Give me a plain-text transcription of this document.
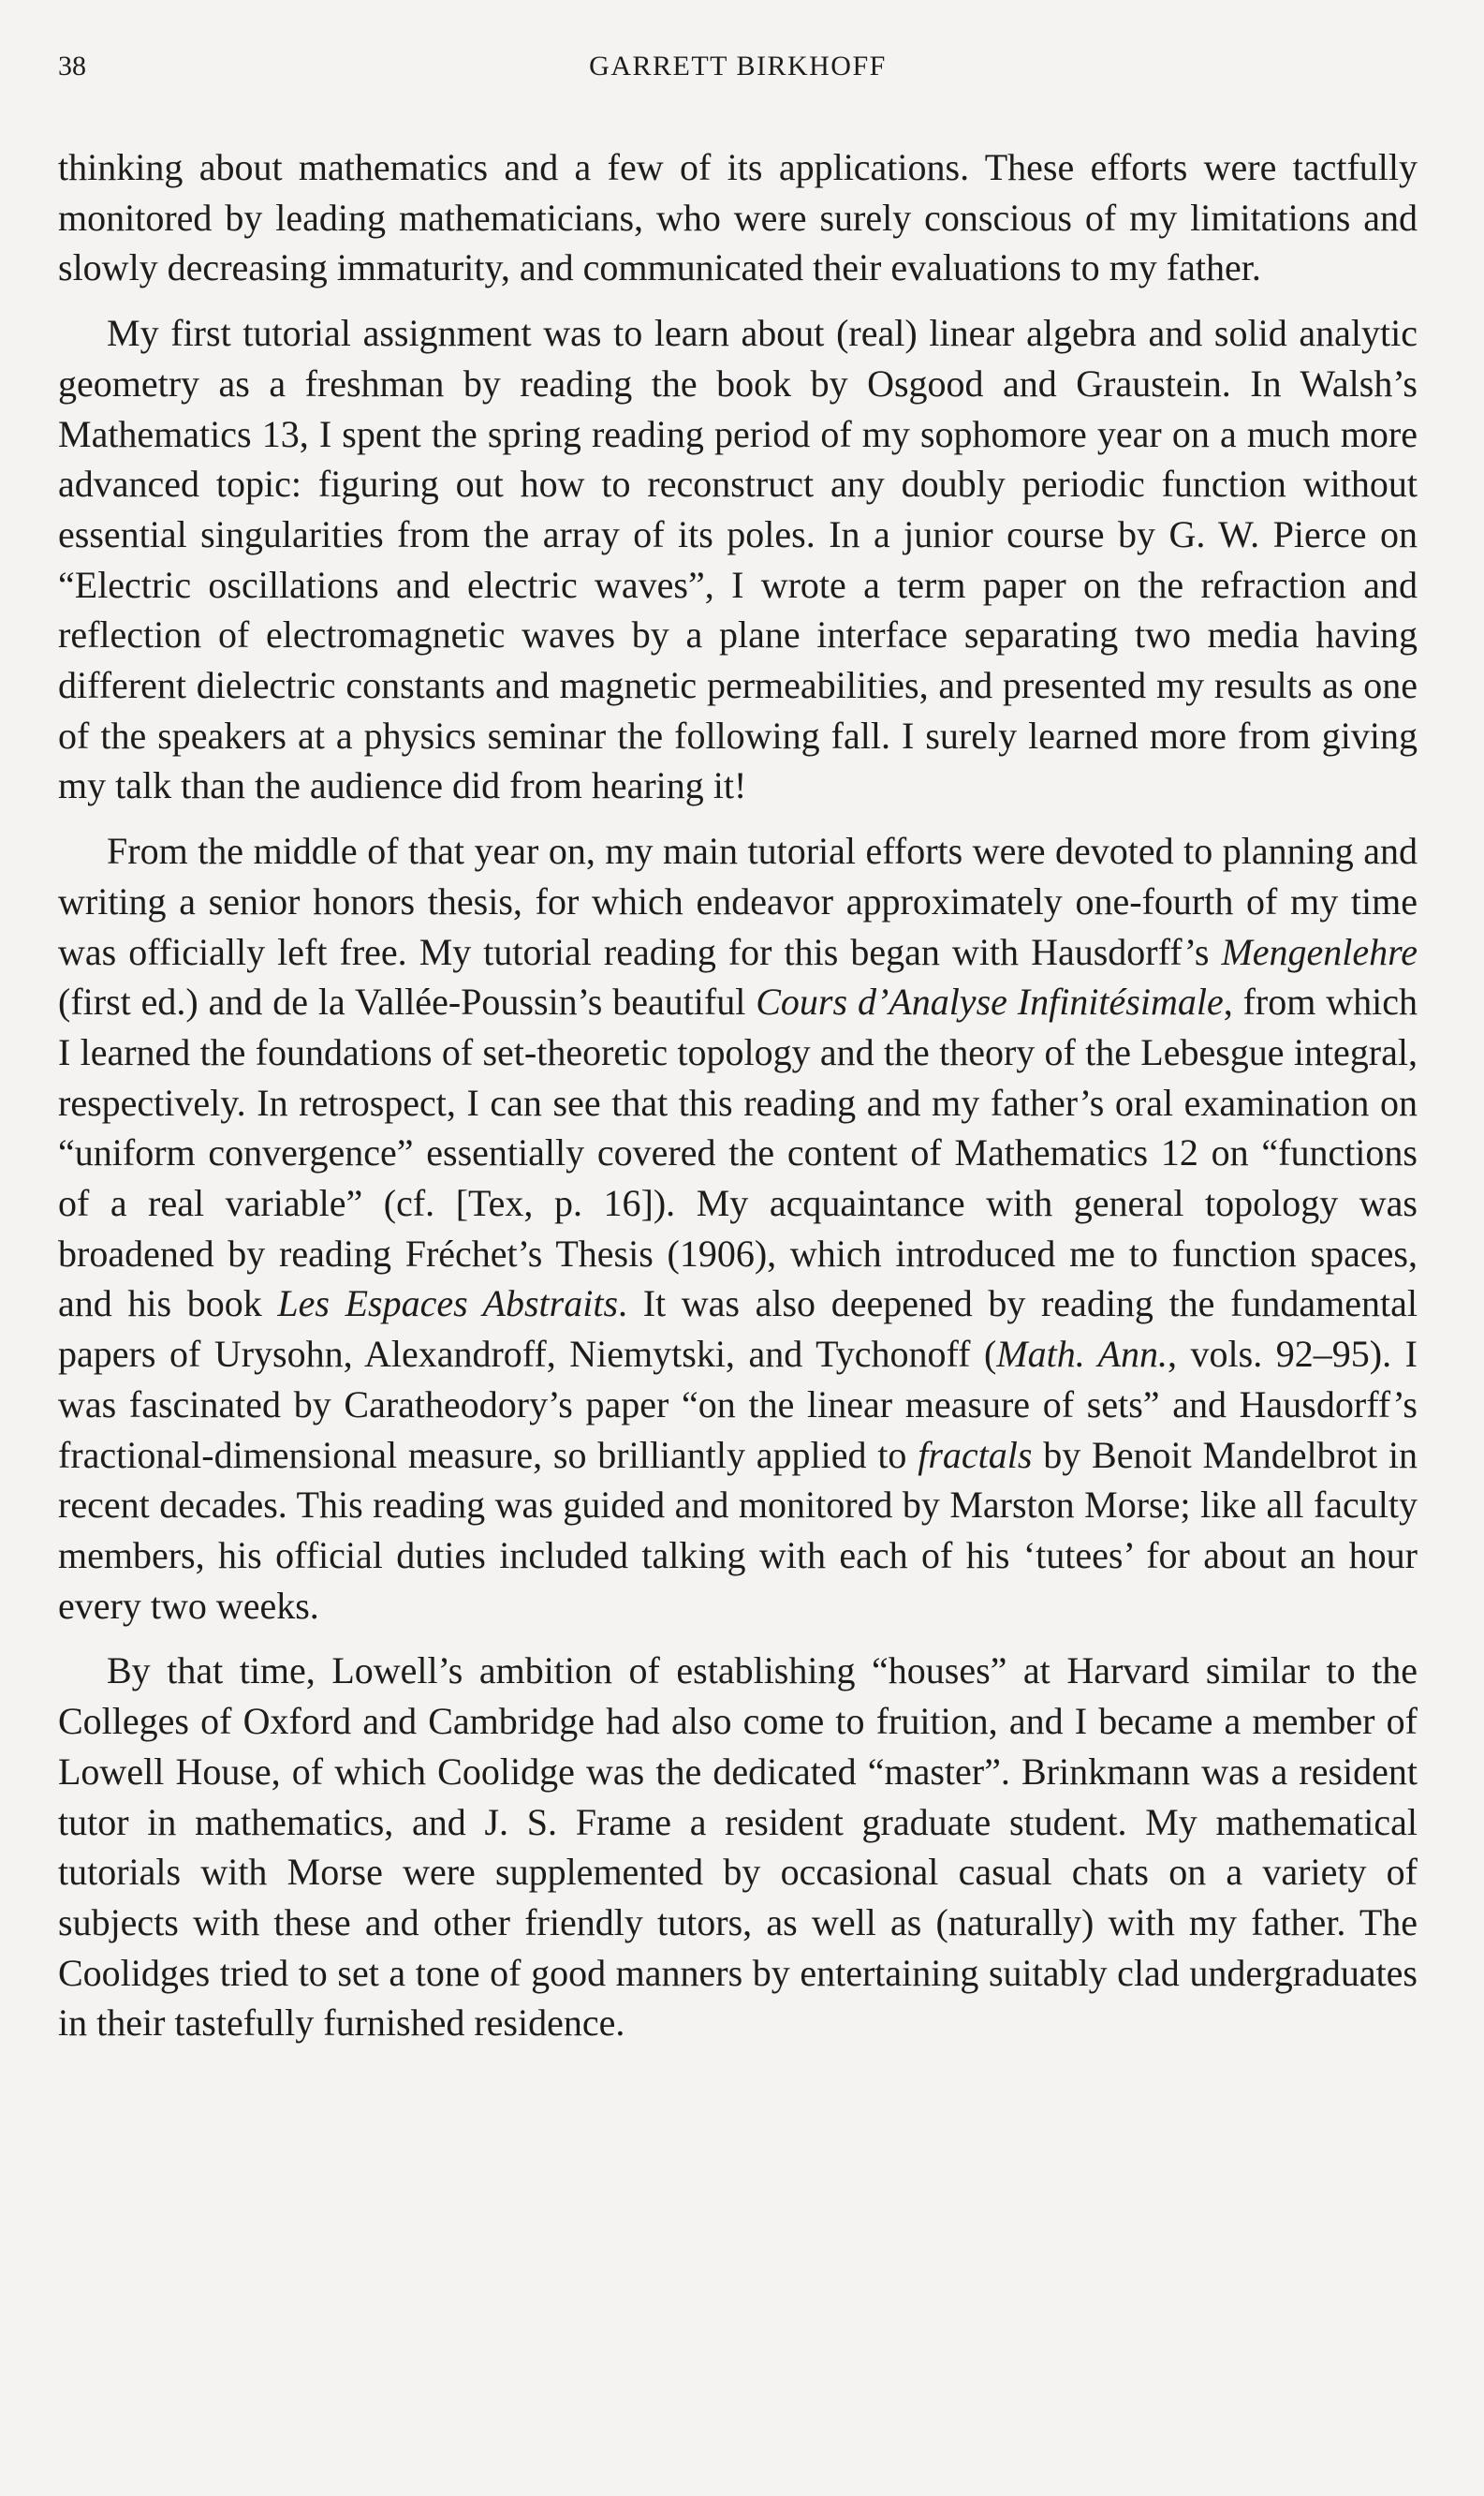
38	GARRETT BIRKHOFF

thinking about mathematics and a few of its applications. These efforts were tactfully monitored by leading mathematicians, who were surely conscious of my limitations and slowly decreasing immaturity, and communicated their evaluations to my father.

My first tutorial assignment was to learn about (real) linear algebra and solid analytic geometry as a freshman by reading the book by Osgood and Graustein. In Walsh’s Mathematics 13, I spent the spring reading period of my sophomore year on a much more advanced topic: figuring out how to reconstruct any doubly periodic function without essential singularities from the array of its poles. In a junior course by G. W. Pierce on “Electric oscillations and electric waves”, I wrote a term paper on the refraction and reflection of electromagnetic waves by a plane interface separating two media having different dielectric constants and magnetic permeabilities, and presented my results as one of the speakers at a physics seminar the following fall. I surely learned more from giving my talk than the audience did from hearing it!

From the middle of that year on, my main tutorial efforts were devoted to planning and writing a senior honors thesis, for which endeavor approximately one-fourth of my time was officially left free. My tutorial reading for this began with Hausdorff’s Mengenlehre (first ed.) and de la Vallée-Poussin’s beautiful Cours d’Analyse Infinitésimale, from which I learned the foundations of set-theoretic topology and the theory of the Lebesgue integral, respectively. In retrospect, I can see that this reading and my father’s oral examination on “uniform convergence” essentially covered the content of Mathematics 12 on “functions of a real variable” (cf. [Tex, p. 16]). My acquaintance with general topology was broadened by reading Fréchet’s Thesis (1906), which introduced me to function spaces, and his book Les Espaces Abstraits. It was also deepened by reading the fundamental papers of Urysohn, Alexandroff, Niemytski, and Tychonoff (Math. Ann., vols. 92–95). I was fascinated by Caratheodory’s paper “on the linear measure of sets” and Hausdorff’s fractional-dimensional measure, so brilliantly applied to fractals by Benoit Mandelbrot in recent decades. This reading was guided and monitored by Marston Morse; like all faculty members, his official duties included talking with each of his ‘tutees’ for about an hour every two weeks.

By that time, Lowell’s ambition of establishing “houses” at Harvard similar to the Colleges of Oxford and Cambridge had also come to fruition, and I became a member of Lowell House, of which Coolidge was the dedicated “master”. Brinkmann was a resident tutor in mathematics, and J. S. Frame a resident graduate student. My mathematical tutorials with Morse were supplemented by occasional casual chats on a variety of subjects with these and other friendly tutors, as well as (naturally) with my father. The Coolidges tried to set a tone of good manners by entertaining suitably clad undergraduates in their tastefully furnished residence.
